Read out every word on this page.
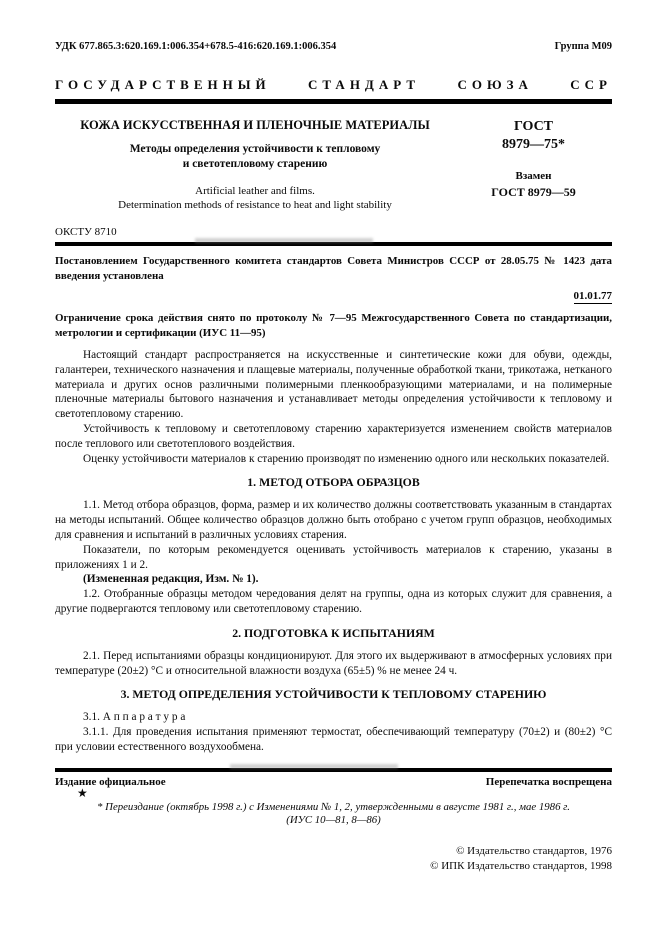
УДК 677.865.3:620.169.1:006.354+678.5-416:620.169.1:006.354	Группа М09
ГОСУДАРСТВЕННЫЙ СТАНДАРТ СОЮЗА ССР
КОЖА ИСКУССТВЕННАЯ И ПЛЕНОЧНЫЕ МАТЕРИАЛЫ
Методы определения устойчивости к тепловому
и светотепловому старению
Artificial leather and films.
Determination methods of resistance to heat and light stability
ГОСТ
8979—75*
Взамен
ГОСТ 8979—59
ОКСТУ 8710
Постановлением Государственного комитета стандартов Совета Министров СССР от 28.05.75 № 1423 дата введения установлена
01.01.77
Ограничение срока действия снято по протоколу № 7—95 Межгосударственного Совета по стандартизации, метрологии и сертификации (ИУС 11—95)

Настоящий стандарт распространяется на искусственные и синтетические кожи для обуви, одежды, галантереи, технического назначения и плащевые материалы, полученные обработкой ткани, трикотажа, нетканого материала и других основ различными полимерными пленкообразующими материалами, и на полимерные пленочные материалы бытового назначения и устанавливает методы определения устойчивости к тепловому и светотепловому старению.

Устойчивость к тепловому и светотепловому старению характеризуется изменением свойств материалов после теплового или светотеплового воздействия.

Оценку устойчивости материалов к старению производят по изменению одного или нескольких показателей.

1. МЕТОД ОТБОРА ОБРАЗЦОВ

1.1. Метод отбора образцов, форма, размер и их количество должны соответствовать указанным в стандартах на методы испытаний. Общее количество образцов должно быть отобрано с учетом групп образцов, необходимых для сравнения и испытаний в различных условиях старения.

Показатели, по которым рекомендуется оценивать устойчивость материалов к старению, указаны в приложениях 1 и 2.

(Измененная редакция, Изм. № 1).

1.2. Отобранные образцы методом чередования делят на группы, одна из которых служит для сравнения, а другие подвергаются тепловому или светотепловому старению.

2. ПОДГОТОВКА К ИСПЫТАНИЯМ

2.1. Перед испытаниями образцы кондиционируют. Для этого их выдерживают в атмосферных условиях при температуре (20±2) °С и относительной влажности воздуха (65±5) % не менее 24 ч.

3. МЕТОД ОПРЕДЕЛЕНИЯ УСТОЙЧИВОСТИ К ТЕПЛОВОМУ СТАРЕНИЮ

3.1. А п п а р а т у р а

3.1.1. Для проведения испытания применяют термостат, обеспечивающий температуру (70±2) и (80±2) °С при условии естественного воздухообмена.

Издание официальное	Перепечатка воспрещена
★
* Переиздание (октябрь 1998 г.) с Изменениями № 1, 2, утвержденными в августе 1981 г., мае 1986 г.
(ИУС 10—81, 8—86)
© Издательство стандартов, 1976
© ИПК Издательство стандартов, 1998
